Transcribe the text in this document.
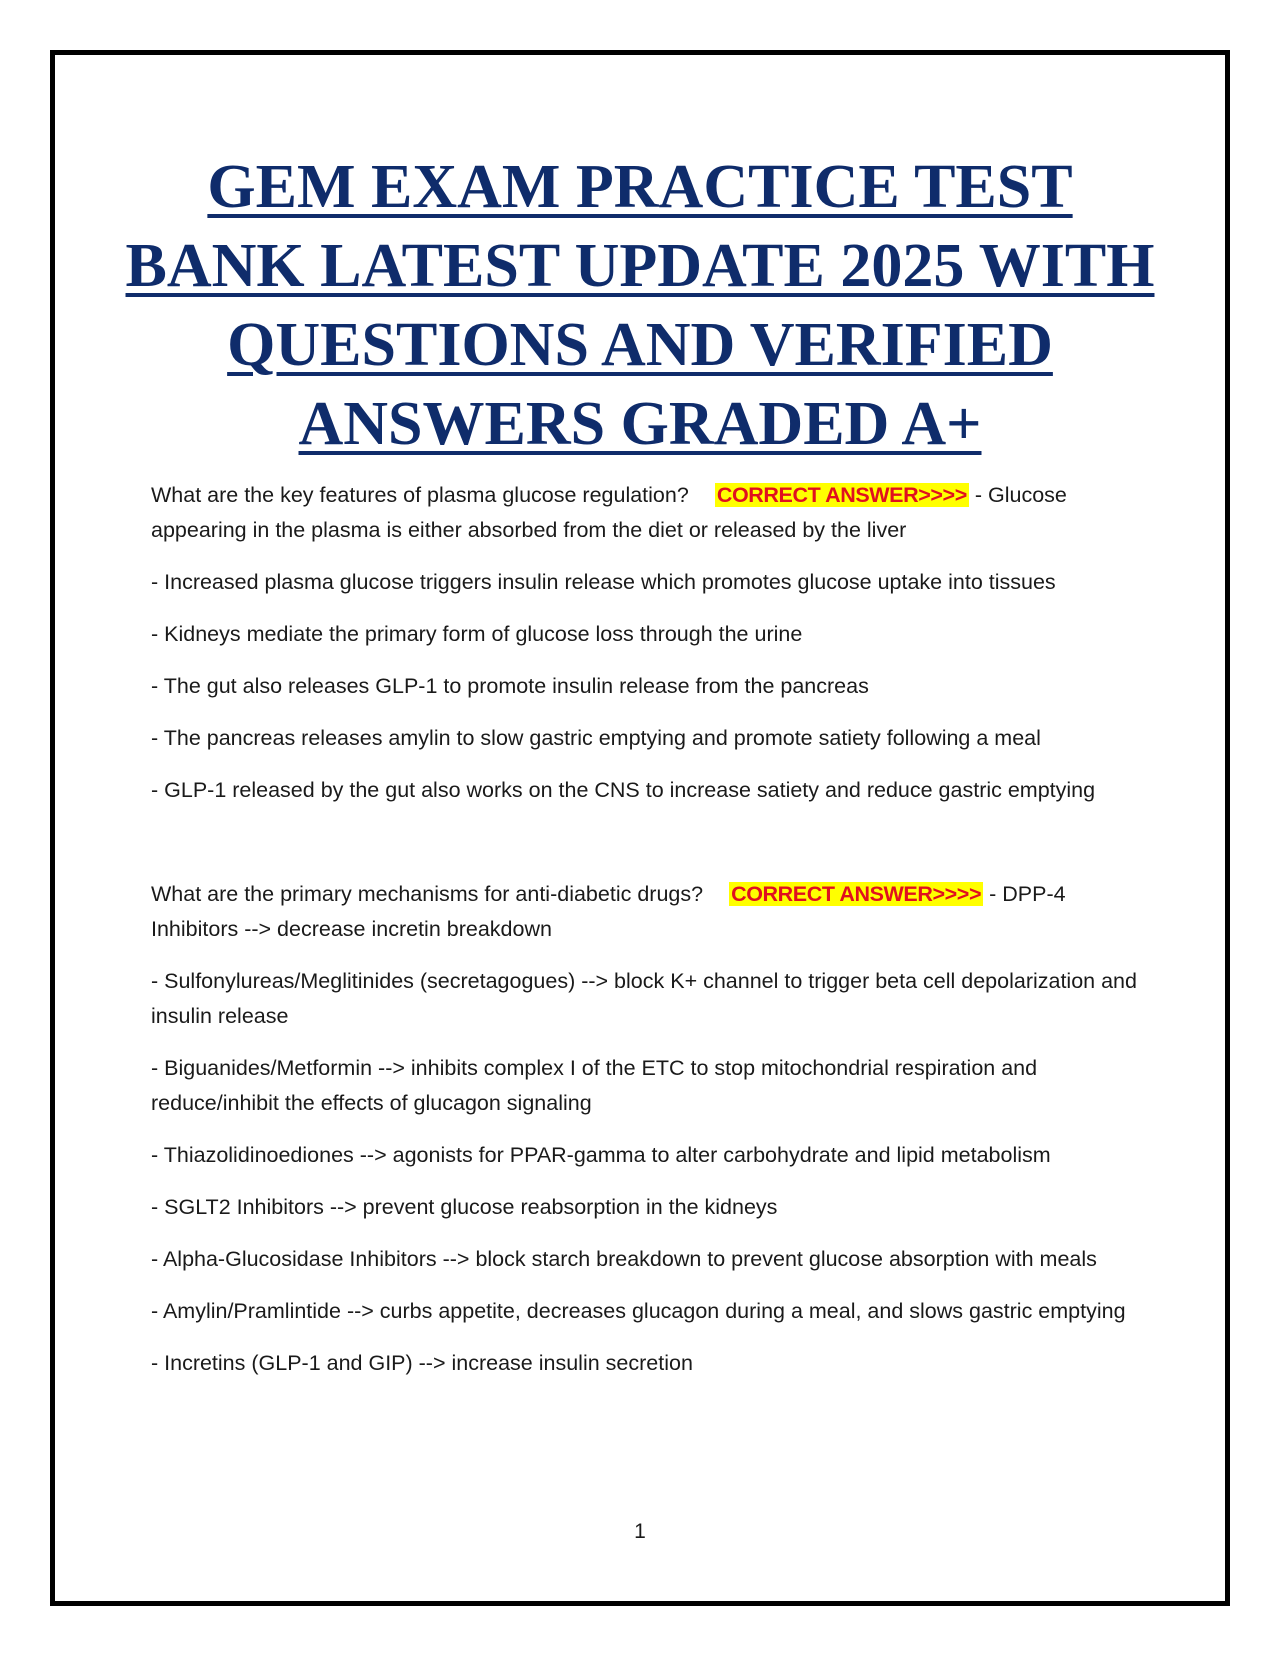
GEM EXAM PRACTICE TEST
BANK LATEST UPDATE 2025 WITH
QUESTIONS AND VERIFIED
ANSWERS GRADED A+

What are the key features of plasma glucose regulation? CORRECT ANSWER>>>> - Glucose appearing in the plasma is either absorbed from the diet or released by the liver

- Increased plasma glucose triggers insulin release which promotes glucose uptake into tissues

- Kidneys mediate the primary form of glucose loss through the urine

- The gut also releases GLP-1 to promote insulin release from the pancreas

- The pancreas releases amylin to slow gastric emptying and promote satiety following a meal

- GLP-1 released by the gut also works on the CNS to increase satiety and reduce gastric emptying

What are the primary mechanisms for anti-diabetic drugs? CORRECT ANSWER>>>> - DPP-4 Inhibitors --> decrease incretin breakdown

- Sulfonylureas/Meglitinides (secretagogues) --> block K+ channel to trigger beta cell depolarization and insulin release

- Biguanides/Metformin --> inhibits complex I of the ETC to stop mitochondrial respiration and reduce/inhibit the effects of glucagon signaling

- Thiazolidinoediones --> agonists for PPAR-gamma to alter carbohydrate and lipid metabolism

- SGLT2 Inhibitors --> prevent glucose reabsorption in the kidneys

- Alpha-Glucosidase Inhibitors --> block starch breakdown to prevent glucose absorption with meals

- Amylin/Pramlintide --> curbs appetite, decreases glucagon during a meal, and slows gastric emptying

- Incretins (GLP-1 and GIP) --> increase insulin secretion

1
